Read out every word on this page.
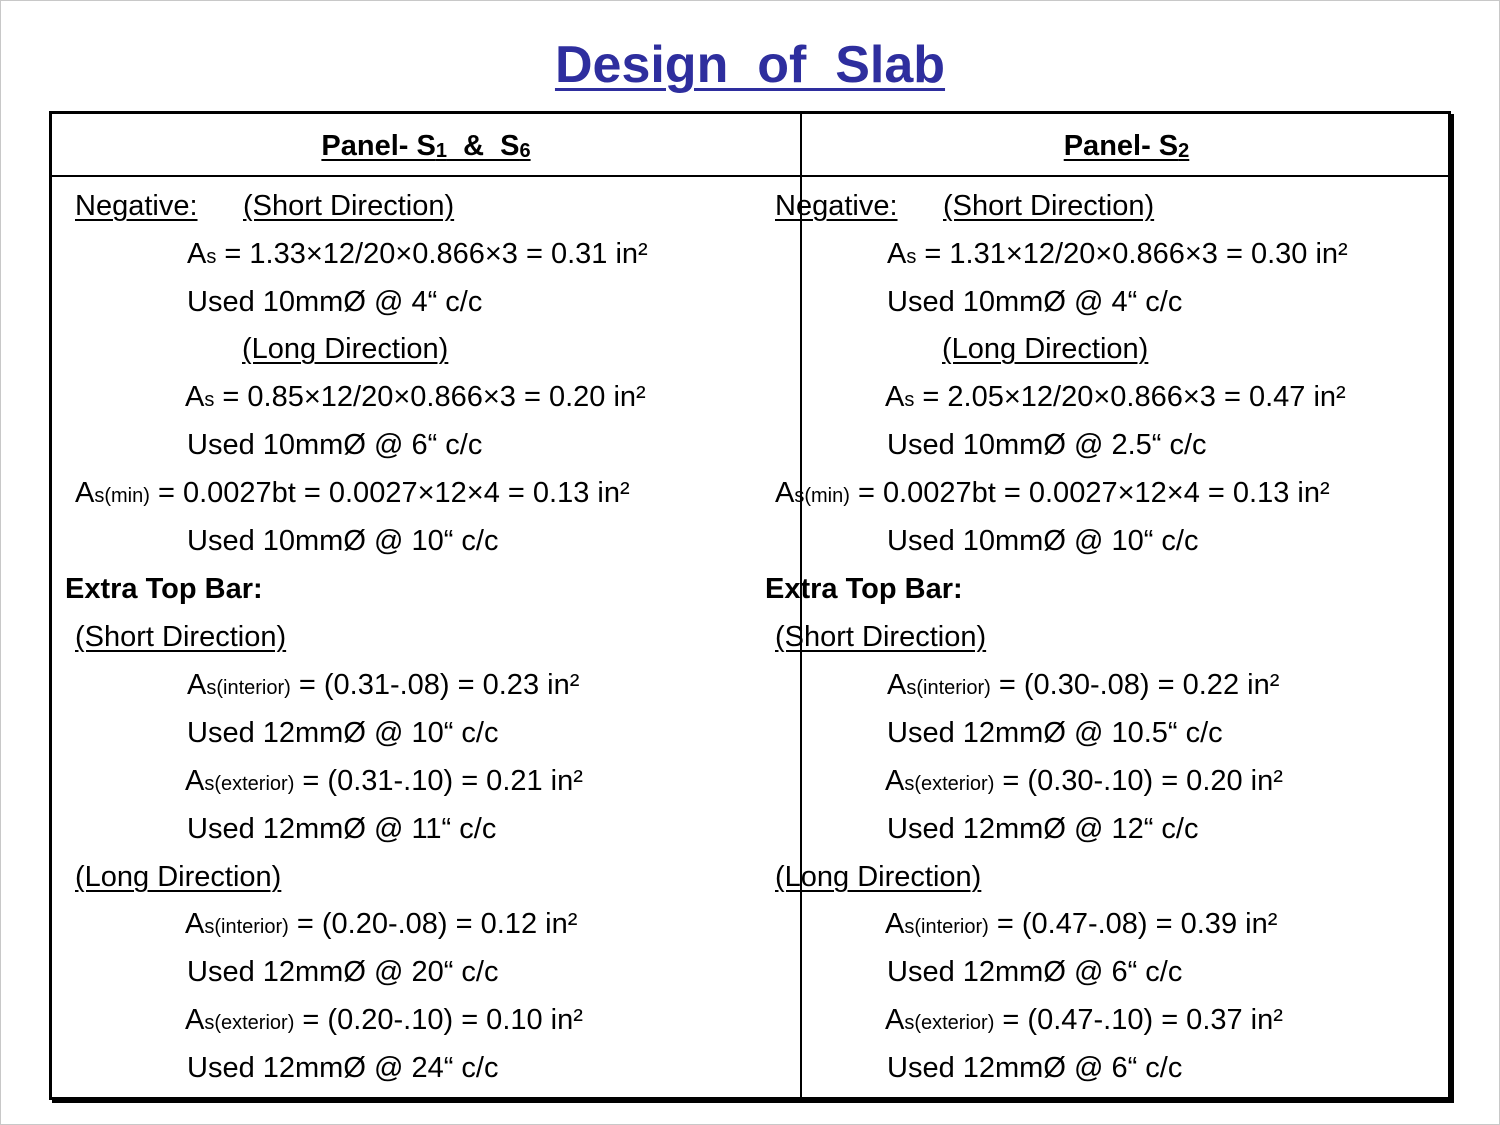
Design  of  Slab
Panel- $S_1$  &  $S_6$	Panel- $S_2$
Negative: (Short Direction)
As = 1.33×12/20×0.866×3 = 0.31 in²
Used 10mmØ @ 4“ c/c
(Long Direction)
As = 0.85×12/20×0.866×3 = 0.20 in²
Used 10mmØ @ 6“ c/c
As(min) = 0.0027bt = 0.0027×12×4 = 0.13 in²
Used 10mmØ @ 10“ c/c
Extra Top Bar:
(Short Direction)
As(interior) = (0.31-.08) = 0.23 in²
Used 12mmØ @ 10“ c/c
As(exterior) = (0.31-.10) = 0.21 in²
Used 12mmØ @ 11“ c/c
(Long Direction)
As(interior) = (0.20-.08) = 0.12 in²
Used 12mmØ @ 20“ c/c
As(exterior) = (0.20-.10) = 0.10 in²
Used 12mmØ @ 24“ c/c
Negative: (Short Direction)
As = 1.31×12/20×0.866×3 = 0.30 in²
Used 10mmØ @ 4“ c/c
(Long Direction)
As = 2.05×12/20×0.866×3 = 0.47 in²
Used 10mmØ @ 2.5“ c/c
As(min) = 0.0027bt = 0.0027×12×4 = 0.13 in²
Used 10mmØ @ 10“ c/c
Extra Top Bar:
(Short Direction)
As(interior) = (0.30-.08) = 0.22 in²
Used 12mmØ @ 10.5“ c/c
As(exterior) = (0.30-.10) = 0.20 in²
Used 12mmØ @ 12“ c/c
(Long Direction)
As(interior) = (0.47-.08) = 0.39 in²
Used 12mmØ @ 6“ c/c
As(exterior) = (0.47-.10) = 0.37 in²
Used 12mmØ @ 6“ c/c
